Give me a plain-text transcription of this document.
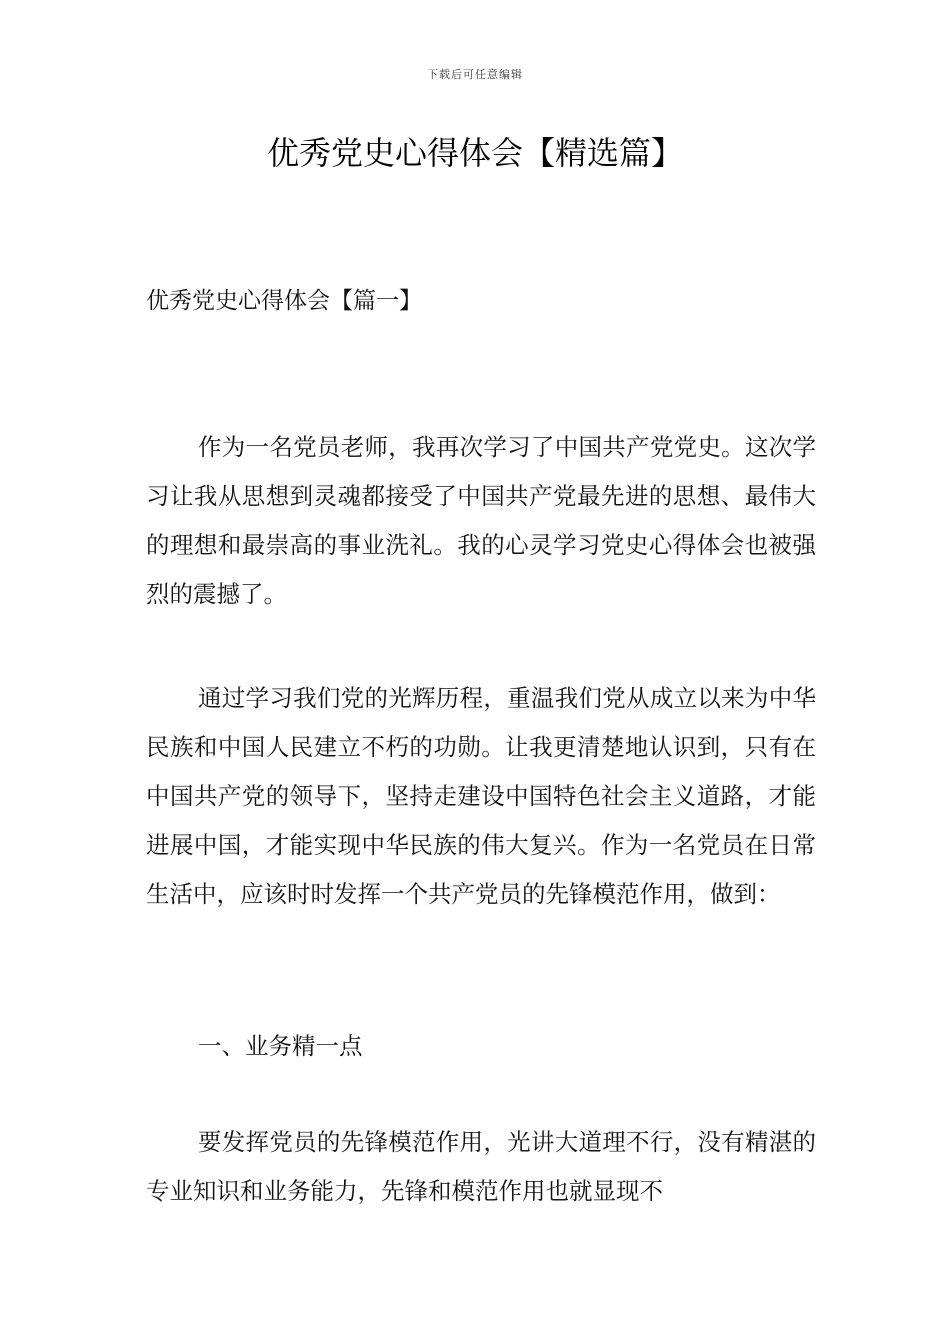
下载后可任意编辑
优秀党史心得体会【精选篇】
优秀党史心得体会【篇一】

作为一名党员老师，我再次学习了中国共产党党史。这次学习让我从思想到灵魂都接受了中国共产党最先进的思想、最伟大的理想和最崇高的事业洗礼。我的心灵学习党史心得体会也被强烈的震撼了。

通过学习我们党的光辉历程，重温我们党从成立以来为中华民族和中国人民建立不朽的功勋。让我更清楚地认识到，只有在中国共产党的领导下，坚持走建设中国特色社会主义道路，才能进展中国，才能实现中华民族的伟大复兴。作为一名党员在日常生活中，应该时时发挥一个共产党员的先锋模范作用，做到：

一、业务精一点

要发挥党员的先锋模范作用，光讲大道理不行，没有精湛的专业知识和业务能力，先锋和模范作用也就显现不
